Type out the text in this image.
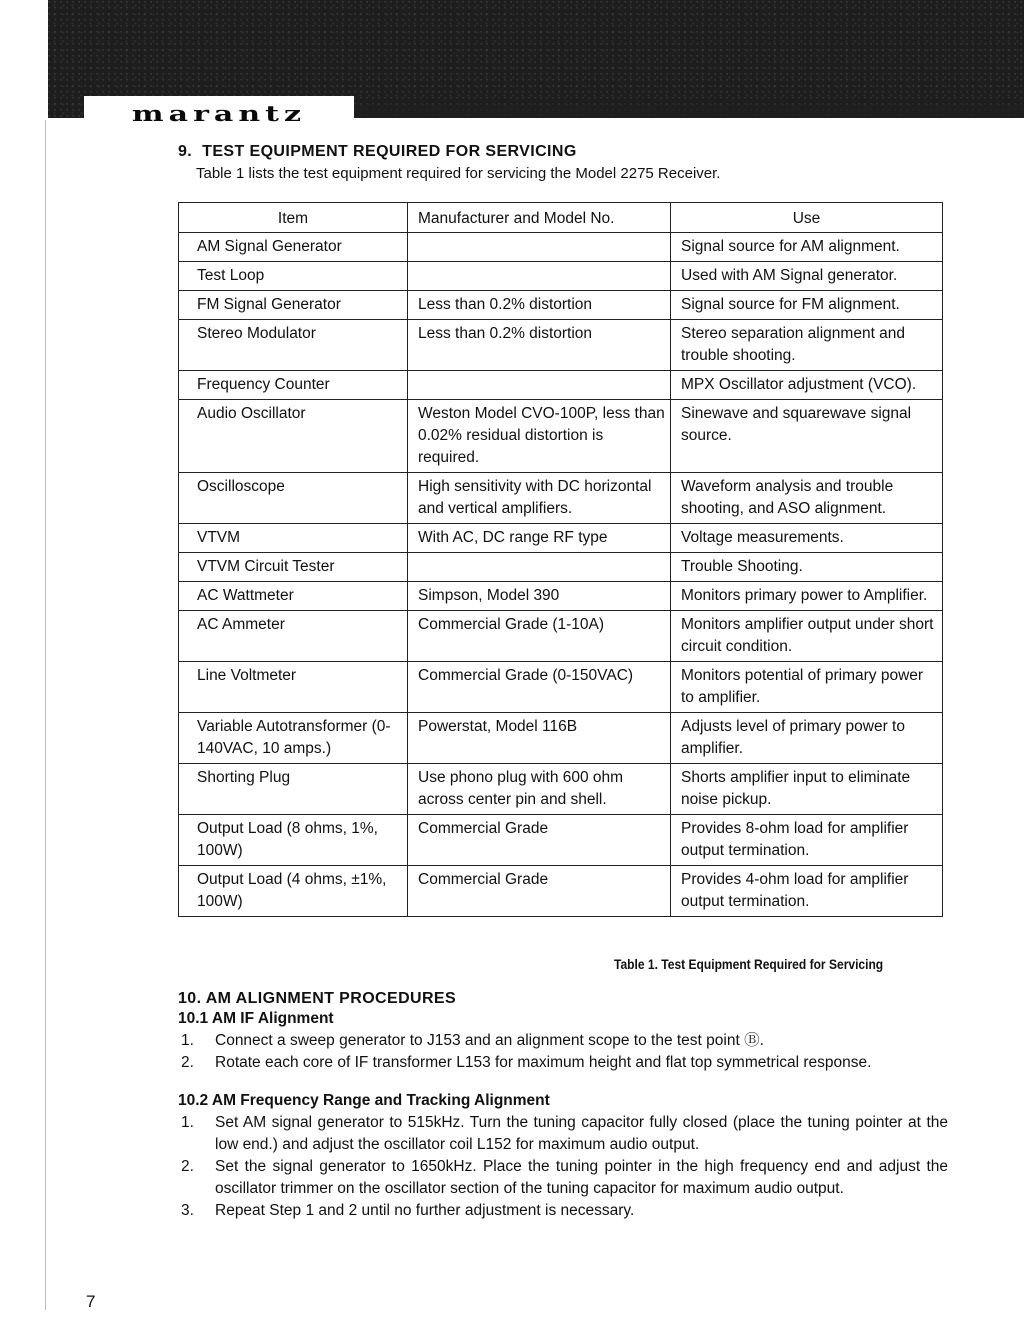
marantz
9. TEST EQUIPMENT REQUIRED FOR SERVICING

Table 1 lists the test equipment required for servicing the Model 2275 Receiver.

Item	Manufacturer and Model No.	Use
AM Signal Generator		Signal source for AM alignment.
Test Loop		Used with AM Signal generator.
FM Signal Generator	Less than 0.2% distortion	Signal source for FM alignment.
Stereo Modulator	Less than 0.2% distortion	Stereo separation alignment and trouble shooting.
Frequency Counter		MPX Oscillator adjustment (VCO).
Audio Oscillator	Weston Model CVO-100P, less than 0.02% residual distortion is required.	Sinewave and squarewave signal source.
Oscilloscope	High sensitivity with DC horizontal and vertical amplifiers.	Waveform analysis and trouble shooting, and ASO alignment.
VTVM	With AC, DC range RF type	Voltage measurements.
VTVM Circuit Tester		Trouble Shooting.
AC Wattmeter	Simpson, Model 390	Monitors primary power to Amplifier.
AC Ammeter	Commercial Grade (1-10A)	Monitors amplifier output under short circuit condition.
Line Voltmeter	Commercial Grade (0-150VAC)	Monitors potential of primary power to amplifier.
Variable Autotransformer (0-140VAC, 10 amps.)	Powerstat, Model 116B	Adjusts level of primary power to amplifier.
Shorting Plug	Use phono plug with 600 ohm across center pin and shell.	Shorts amplifier input to eliminate noise pickup.
Output Load (8 ohms, 1%, 100W)	Commercial Grade	Provides 8-ohm load for amplifier output termination.
Output Load (4 ohms, ±1%, 100W)	Commercial Grade	Provides 4-ohm load for amplifier output termination.
Table 1. Test Equipment Required for Servicing
10. AM ALIGNMENT PROCEDURES
10.1 AM IF Alignment
1.	Connect a sweep generator to J153 and an alignment scope to the test point Ⓑ.
2.	Rotate each core of IF transformer L153 for maximum height and flat top symmetrical response.
10.2 AM Frequency Range and Tracking Alignment
1.	Set AM signal generator to 515kHz. Turn the tuning capacitor fully closed (place the tuning pointer at the low end.) and adjust the oscillator coil L152 for maximum audio output.
2.	Set the signal generator to 1650kHz. Place the tuning pointer in the high frequency end and adjust the oscillator trimmer on the oscillator section of the tuning capacitor for maximum audio output.
3.	Repeat Step 1 and 2 until no further adjustment is necessary.
7
